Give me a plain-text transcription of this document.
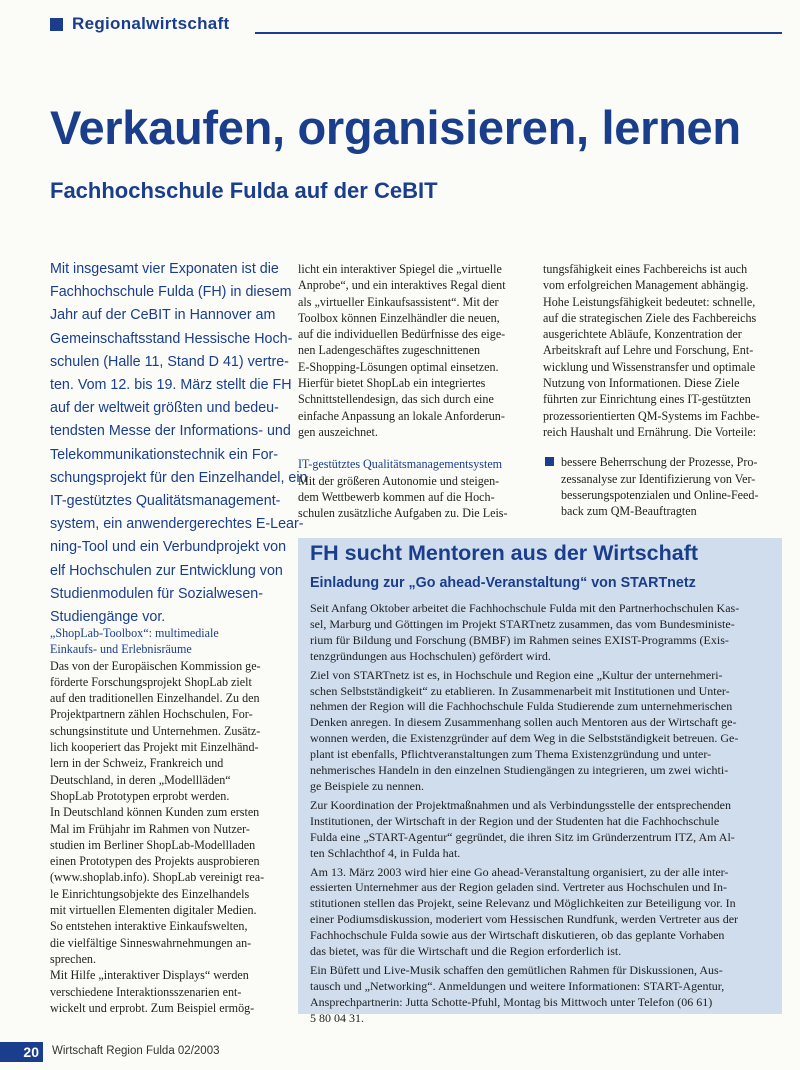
Regionalwirtschaft
Verkaufen, organisieren, lernen
Fachhochschule Fulda auf der CeBIT
Mit insgesamt vier Exponaten ist die
Fachhochschule Fulda (FH) in diesem
Jahr auf der CeBIT in Hannover am
Gemeinschaftsstand Hessische Hoch-
schulen (Halle 11, Stand D 41) vertre-
ten. Vom 12. bis 19. März stellt die FH
auf der weltweit größten und bedeu-
tendsten Messe der Informations- und
Telekommunikationstechnik ein For-
schungsprojekt für den Einzelhandel, ein
IT-gestütztes Qualitätsmanagement-
system, ein anwendergerechtes E-Lear-
ning-Tool und ein Verbundprojekt von
elf Hochschulen zur Entwicklung von
Studienmodulen für Sozialwesen-
Studiengänge vor.
„ShopLab-Toolbox“: multimediale
Einkaufs- und Erlebnisräume
Das von der Europäischen Kommission ge-
förderte Forschungsprojekt ShopLab zielt
auf den traditionellen Einzelhandel. Zu den
Projektpartnern zählen Hochschulen, For-
schungsinstitute und Unternehmen. Zusätz-
lich kooperiert das Projekt mit Einzelhänd-
lern in der Schweiz, Frankreich und
Deutschland, in deren „Modellläden“
ShopLab Prototypen erprobt werden.
In Deutschland können Kunden zum ersten
Mal im Frühjahr im Rahmen von Nutzer-
studien im Berliner ShopLab-Modellladen
einen Prototypen des Projekts ausprobieren
(www.shoplab.info). ShopLab vereinigt rea-
le Einrichtungsobjekte des Einzelhandels
mit virtuellen Elementen digitaler Medien.
So entstehen interaktive Einkaufswelten,
die vielfältige Sinneswahrnehmungen an-
sprechen.
Mit Hilfe „interaktiver Displays“ werden
verschiedene Interaktionsszenarien ent-
wickelt und erprobt. Zum Beispiel ermög-
licht ein interaktiver Spiegel die „virtuelle
Anprobe“, und ein interaktives Regal dient
als „virtueller Einkaufsassistent“. Mit der
Toolbox können Einzelhändler die neuen,
auf die individuellen Bedürfnisse des eige-
nen Ladengeschäftes zugeschnittenen
E-Shopping-Lösungen optimal einsetzen.
Hierfür bietet ShopLab ein integriertes
Schnittstellendesign, das sich durch eine
einfache Anpassung an lokale Anforderun-
gen auszeichnet.
IT-gestütztes Qualitätsmanagementsystem
Mit der größeren Autonomie und steigen-
dem Wettbewerb kommen auf die Hoch-
schulen zusätzliche Aufgaben zu. Die Leis-
tungsfähigkeit eines Fachbereichs ist auch
vom erfolgreichen Management abhängig.
Hohe Leistungsfähigkeit bedeutet: schnelle,
auf die strategischen Ziele des Fachbereichs
ausgerichtete Abläufe, Konzentration der
Arbeitskraft auf Lehre und Forschung, Ent-
wicklung und Wissenstransfer und optimale
Nutzung von Informationen. Diese Ziele
führten zur Einrichtung eines IT-gestützten
prozessorientierten QM-Systems im Fachbe-
reich Haushalt und Ernährung. Die Vorteile:
bessere Beherrschung der Prozesse, Pro-
zessanalyse zur Identifizierung von Ver-
besserungspotenzialen und Online-Feed-
back zum QM-Beauftragten
FH sucht Mentoren aus der Wirtschaft
Einladung zur „Go ahead-Veranstaltung“ von STARTnetz

Seit Anfang Oktober arbeitet die Fachhochschule Fulda mit den Partnerhochschulen Kas-
sel, Marburg und Göttingen im Projekt STARTnetz zusammen, das vom Bundesministe-
rium für Bildung und Forschung (BMBF) im Rahmen seines EXIST-Programms (Exis-
tenzgründungen aus Hochschulen) gefördert wird.

Ziel von STARTnetz ist es, in Hochschule und Region eine „Kultur der unternehmeri-
schen Selbstständigkeit“ zu etablieren. In Zusammenarbeit mit Institutionen und Unter-
nehmen der Region will die Fachhochschule Fulda Studierende zum unternehmerischen
Denken anregen. In diesem Zusammenhang sollen auch Mentoren aus der Wirtschaft ge-
wonnen werden, die Existenzgründer auf dem Weg in die Selbstständigkeit betreuen. Ge-
plant ist ebenfalls, Pflichtveranstaltungen zum Thema Existenzgründung und unter-
nehmerisches Handeln in den einzelnen Studiengängen zu integrieren, um zwei wichti-
ge Beispiele zu nennen.

Zur Koordination der Projektmaßnahmen und als Verbindungsstelle der entsprechenden
Institutionen, der Wirtschaft in der Region und der Studenten hat die Fachhochschule
Fulda eine „START-Agentur“ gegründet, die ihren Sitz im Gründerzentrum ITZ, Am Al-
ten Schlachthof 4, in Fulda hat.

Am 13. März 2003 wird hier eine Go ahead-Veranstaltung organisiert, zu der alle inter-
essierten Unternehmer aus der Region geladen sind. Vertreter aus Hochschulen und In-
stitutionen stellen das Projekt, seine Relevanz und Möglichkeiten zur Beteiligung vor. In
einer Podiumsdiskussion, moderiert vom Hessischen Rundfunk, werden Vertreter aus der
Fachhochschule Fulda sowie aus der Wirtschaft diskutieren, ob das geplante Vorhaben
das bietet, was für die Wirtschaft und die Region erforderlich ist.

Ein Büfett und Live-Musik schaffen den gemütlichen Rahmen für Diskussionen, Aus-
tausch und „Networking“. Anmeldungen und weitere Informationen: START-Agentur,
Ansprechpartnerin: Jutta Schotte-Pfuhl, Montag bis Mittwoch unter Telefon (06 61)
5 80 04 31.

20	Wirtschaft Region Fulda 02/2003
